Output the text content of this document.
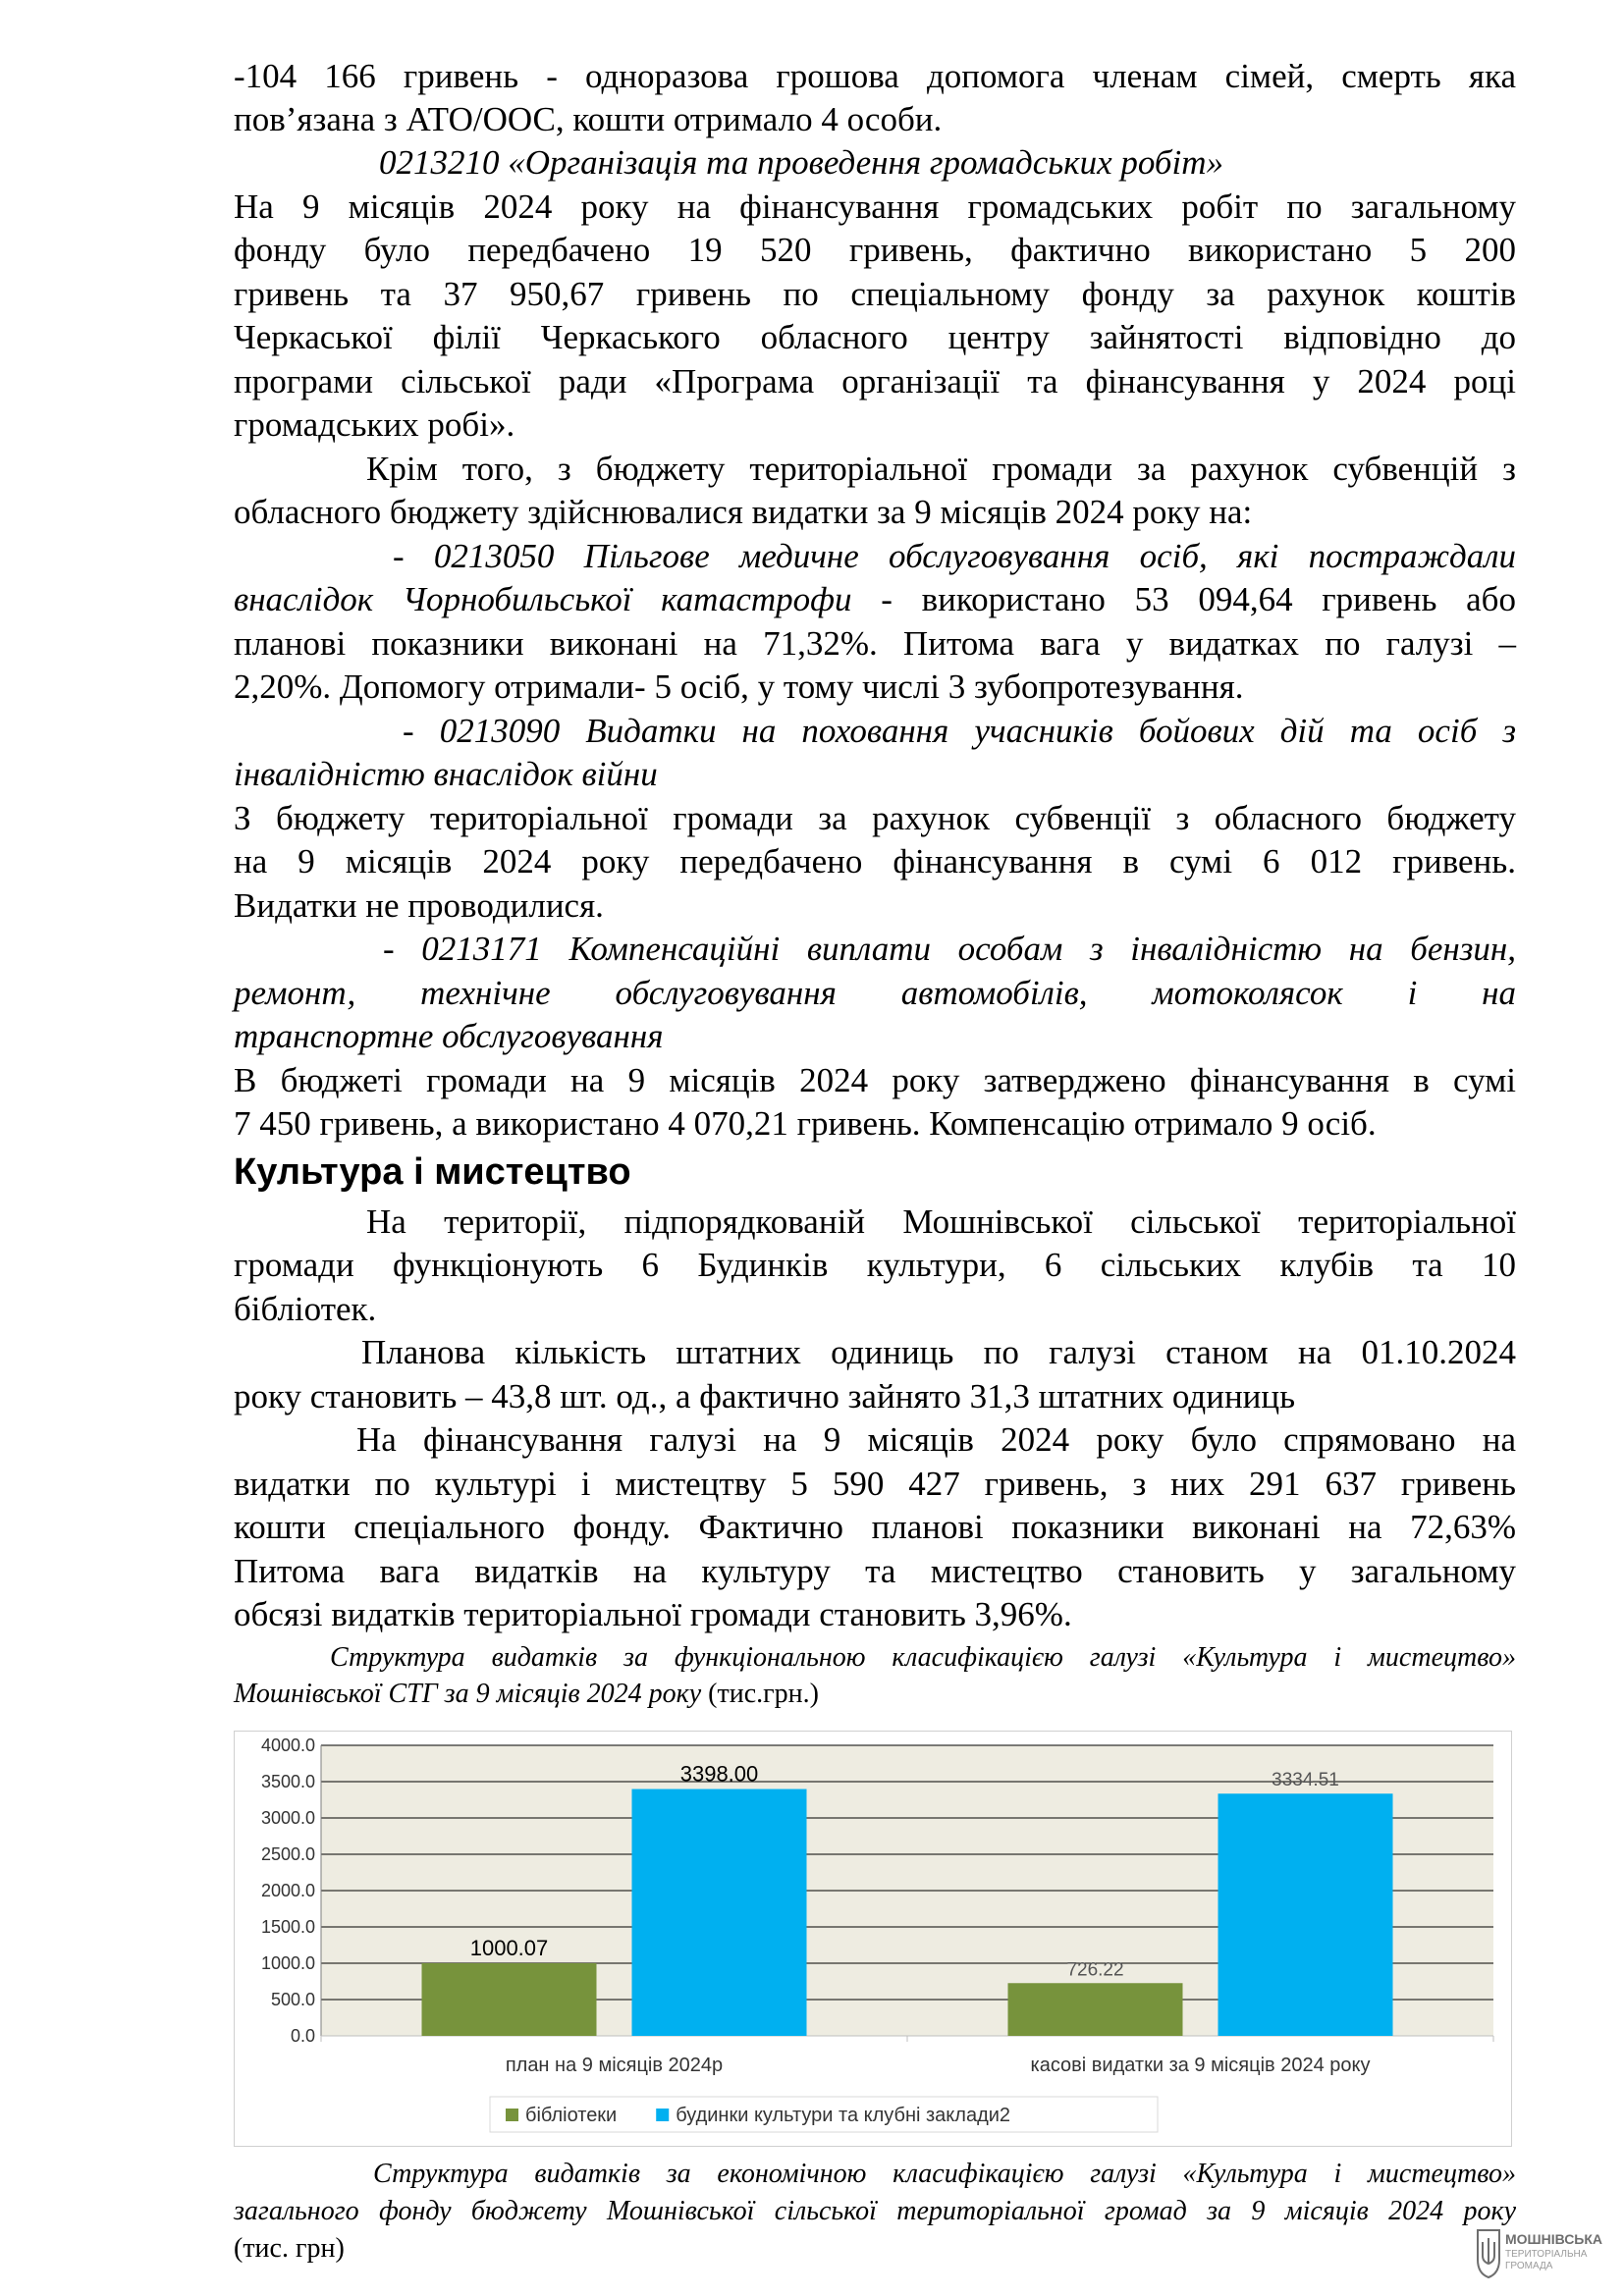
-104 166 гривень - одноразова грошова допомога членам сімей, смерть яка
пов’язана з АТО/ООС, кошти отримало 4 особи.
0213210 «Організація та проведення громадських робіт»
На 9 місяців 2024 року на фінансування громадських робіт по загальному
фонду було передбачено 19 520 гривень, фактично використано 5 200
гривень та 37 950,67 гривень по спеціальному фонду за рахунок коштів
Черкаської філії Черкаського обласного центру зайнятості відповідно до
програми сільської ради «Програма організації та фінансування у 2024 році
громадських робі».
Крім того, з бюджету територіальної громади за рахунок субвенцій з
обласного бюджету здійснювалися видатки за 9 місяців 2024 року на:
- 0213050 Пільгове медичне обслуговування осіб, які постраждали
внаслідок Чорнобильської катастрофи - використано 53 094,64 гривень або
планові показники виконані на 71,32%. Питома вага у видатках по галузі –
2,20%. Допомогу отримали- 5 осіб, у тому числі 3 зубопротезування.
- 0213090 Видатки на поховання учасників бойових дій та осіб з
інвалідністю внаслідок війни
З бюджету територіальної громади за рахунок субвенції з обласного бюджету
на 9 місяців 2024 року передбачено фінансування в сумі 6 012 гривень.
Видатки не проводилися.
- 0213171 Компенсаційні виплати особам з інвалідністю на бензин,
ремонт, технічне обслуговування автомобілів, мотоколясок і на
транспортне обслуговування
В бюджеті громади на 9 місяців 2024 року затверджено фінансування в сумі
7 450 гривень, а використано 4 070,21 гривень. Компенсацію отримало 9 осіб.
Культура і мистецтво
На території, підпорядкованій Мошнівської сільської територіальної
громади функціонують 6 Будинків культури, 6 сільських клубів та 10
бібліотек.
Планова кількість штатних одиниць по галузі станом на 01.10.2024
року становить – 43,8 шт. од., а фактично зайнято 31,3 штатних одиниць
На фінансування галузі на 9 місяців 2024 року було спрямовано на
видатки по культурі і мистецтву 5 590 427 гривень, з них 291 637 гривень
кошти спеціального фонду. Фактично планові показники виконані на 72,63%
Питома вага видатків на культуру та мистецтво становить у загальному
обсязі видатків територіальної громади становить 3,96%.
Структура видатків за функціональною класифікацією галузі «Культура і мистецтво»
Мошнівської СТГ за 9 місяців 2024 року (тис.грн.)
0.0
500.0
1000.0
1500.0
2000.0
2500.0
3000.0
3500.0
4000.0
1000.07
3398.00
план на 9 місяців 2024р
726.22
3334.51
касові видатки за 9 місяців 2024 року
бібліотеки	будинки культури та клубні заклади2
Структура видатків за економічною класифікацією галузі «Культура і мистецтво»
загального фонду бюджету Мошнівської сільської територіальної громад за 9 місяців 2024 року
(тис. грн)	МОШНІВСЬКА
ТЕРИТОРІАЛЬНА
ГРОМАДА
